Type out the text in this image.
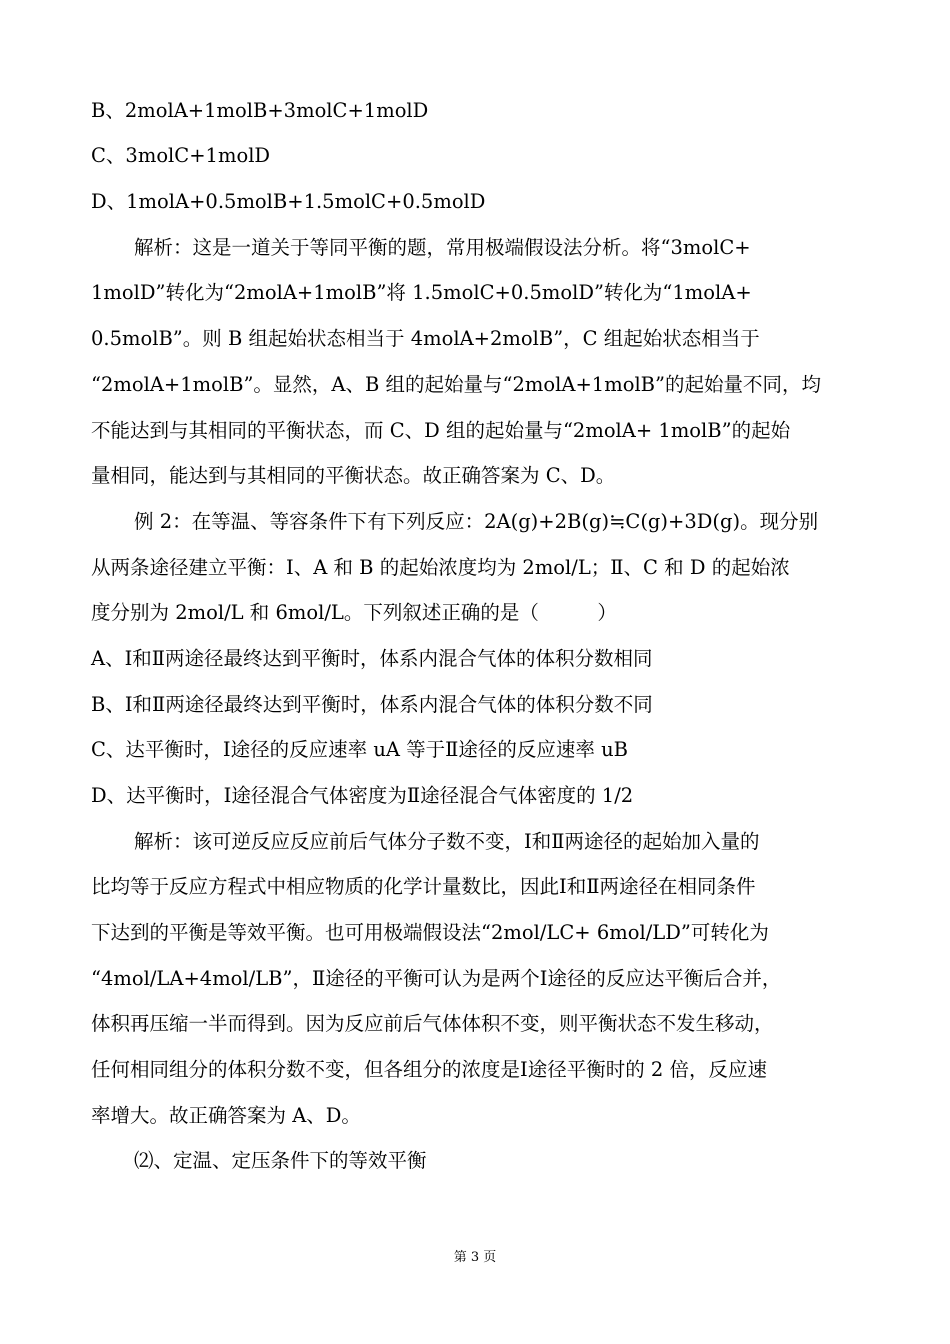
B、2molA+1molB+3molC+1molD
C、3molC+1molD
D、1molA+0.5molB+1.5molC+0.5molD
解析：这是一道关于等同平衡的题，常用极端假设法分析。将“3molC+
1molD”转化为“2molA+1molB”将 1.5molC+0.5molD”转化为“1molA+
0.5molB”。则 B 组起始状态相当于 4molA+2molB”，C 组起始状态相当于
“2molA+1molB”。显然，A、B 组的起始量与“2molA+1molB”的起始量不同，均
不能达到与其相同的平衡状态，而 C、D 组的起始量与“2molA+ 1molB”的起始
量相同，能达到与其相同的平衡状态。故正确答案为 C、D。
例 2：在等温、等容条件下有下列反应：2A(g)+2B(g)≒C(g)+3D(g)。现分别
从两条途径建立平衡：Ⅰ、A 和 B 的起始浓度均为 2mol/L；Ⅱ、C 和 D 的起始浓
度分别为 2mol/L 和 6mol/L。下列叙述正确的是（　　　）
A、Ⅰ和Ⅱ两途径最终达到平衡时，体系内混合气体的体积分数相同
B、Ⅰ和Ⅱ两途径最终达到平衡时，体系内混合气体的体积分数不同
C、达平衡时，Ⅰ途径的反应速率 uA 等于Ⅱ途径的反应速率 uB
D、达平衡时，Ⅰ途径混合气体密度为Ⅱ途径混合气体密度的 1/2
解析：该可逆反应反应前后气体分子数不变，Ⅰ和Ⅱ两途径的起始加入量的
比均等于反应方程式中相应物质的化学计量数比，因此Ⅰ和Ⅱ两途径在相同条件
下达到的平衡是等效平衡。也可用极端假设法“2mol/LC+ 6mol/LD”可转化为
“4mol/LA+4mol/LB”，Ⅱ途径的平衡可认为是两个Ⅰ途径的反应达平衡后合并，
体积再压缩一半而得到。因为反应前后气体体积不变，则平衡状态不发生移动，
任何相同组分的体积分数不变，但各组分的浓度是Ⅰ途径平衡时的 2 倍，反应速
率增大。故正确答案为 A、D。
⑵、定温、定压条件下的等效平衡
第 3 页
